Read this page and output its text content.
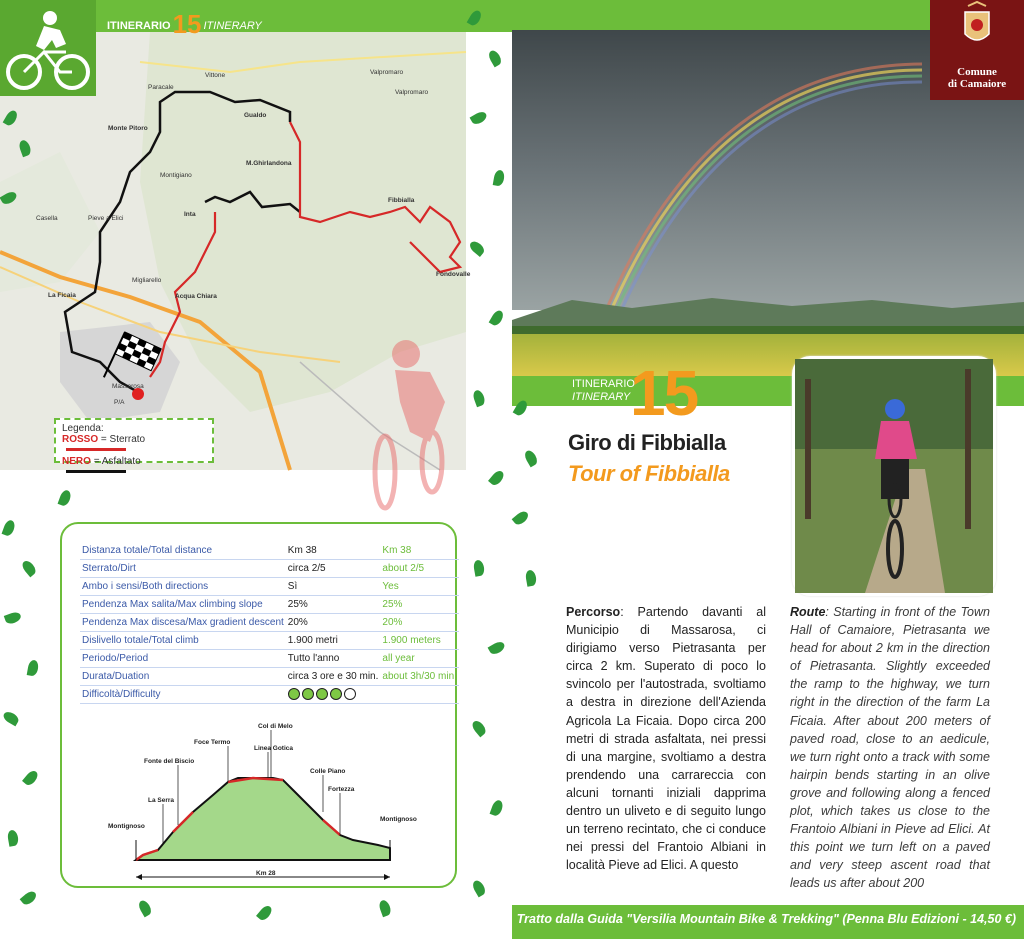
Vittone
Paracale
Valpromaro
Valpromaro
Monte Pitoro
Gualdo
Montigiano
M.Ghirlandona
Fibbialla
Casella	Pieve a Elici
Inta
Migliarello
La Ficaia	Acqua Chiara
Fondovalle
Massarosa
P/A
ITINERARIO15 ITINERARY
Legenda:
ROSSO = Sterrato
NERO = Asfaltato
Distanza totale/Total distance	Km 38	Km 38
Sterrato/Dirt	circa 2/5	about 2/5
Ambo i sensi/Both directions	Sì	Yes
Pendenza Max salita/Max climbing slope	25%	25%
Pendenza Max discesa/Max gradient descent	20%	20%
Dislivello totale/Total climb	1.900 metri	1.900 meters
Periodo/Period	Tutto l'anno	all year
Durata/Duation	circa 3 ore e 30 min.	about 3h/30 min.
Difficoltà/Difficulty		
Col di Melo
Foce Termo
Linea Gotica
Fonte del Biscio
Colle Piano
Fortezza
La Serra
Montignoso
Montignoso
Km 28
Comune
di Camaiore
ITINERARIO
ITINERARY 15
Giro di Fibbialla
Tour of Fibbialla
Percorso: Partendo davanti al Municipio di Massarosa, ci dirigiamo verso Pietrasanta per circa 2 km. Superato di poco lo svincolo per l'autostrada, svoltiamo a destra in direzione dell'Azienda Agricola La Ficaia. Dopo circa 200 metri di strada asfaltata, nei pressi di una margine, svoltiamo a destra prendendo una carrareccia con alcuni tornanti iniziali dapprima dentro un uliveto e di seguito lungo un terreno recintato, che ci conduce nei pressi del Frantoio Albiani in località Pieve ad Elici. A questo
Route: Starting in front of the Town Hall of Camaiore, Pietrasanta we head for about 2 km in the direction of Pietrasanta. Slightly exceeded the ramp to the highway, we turn right in the direction of the farm La Ficaia. After about 200 meters of paved road, close to an aedicule, we turn right onto a track with some hairpin bends starting in an olive grove and following along a fenced plot, which takes us close to the Frantoio Albiani in Pieve ad Elici. At this point we turn left on a paved and very steep ascent road that leads us after about 200
Tratto dalla Guida "Versilia Mountain Bike & Trekking" (Penna Blu Edizioni - 14,50 €)
